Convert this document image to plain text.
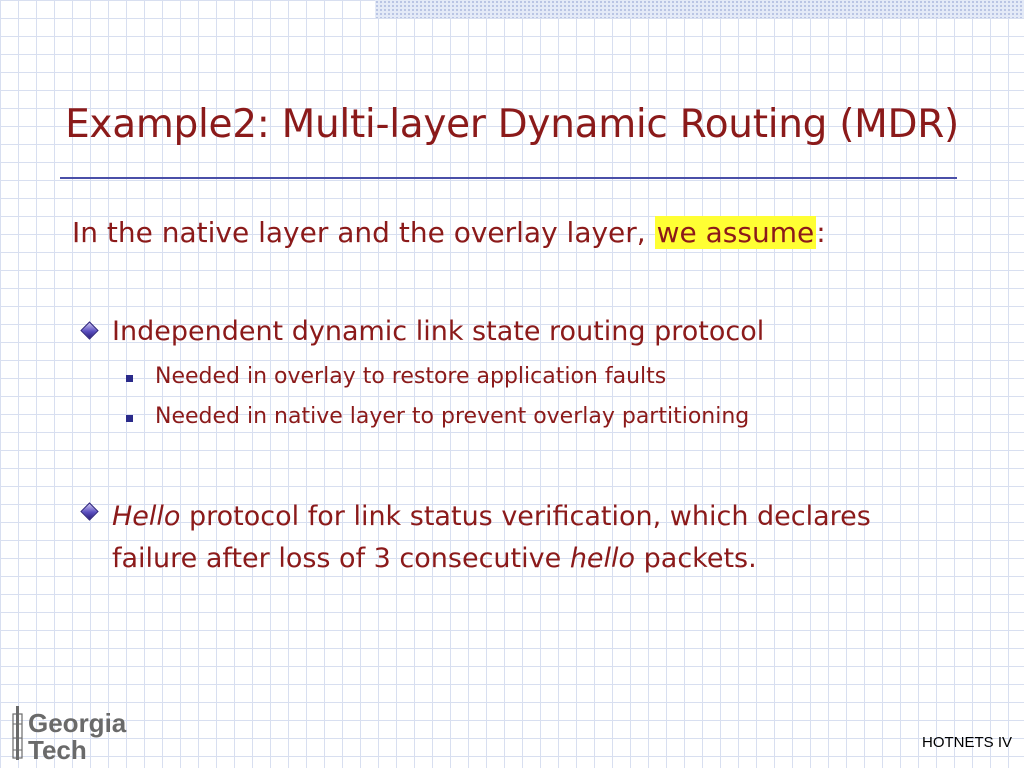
Example2: Multi-layer Dynamic Routing (MDR)
In the native layer and the overlay layer, we assume:
Independent dynamic link state routing protocol
Needed in overlay to restore application faults
Needed in native layer to prevent overlay partitioning
Hello protocol for link status verification, which declares failure after loss of 3 consecutive hello packets.
Georgia
Tech	HOTNETS IV
